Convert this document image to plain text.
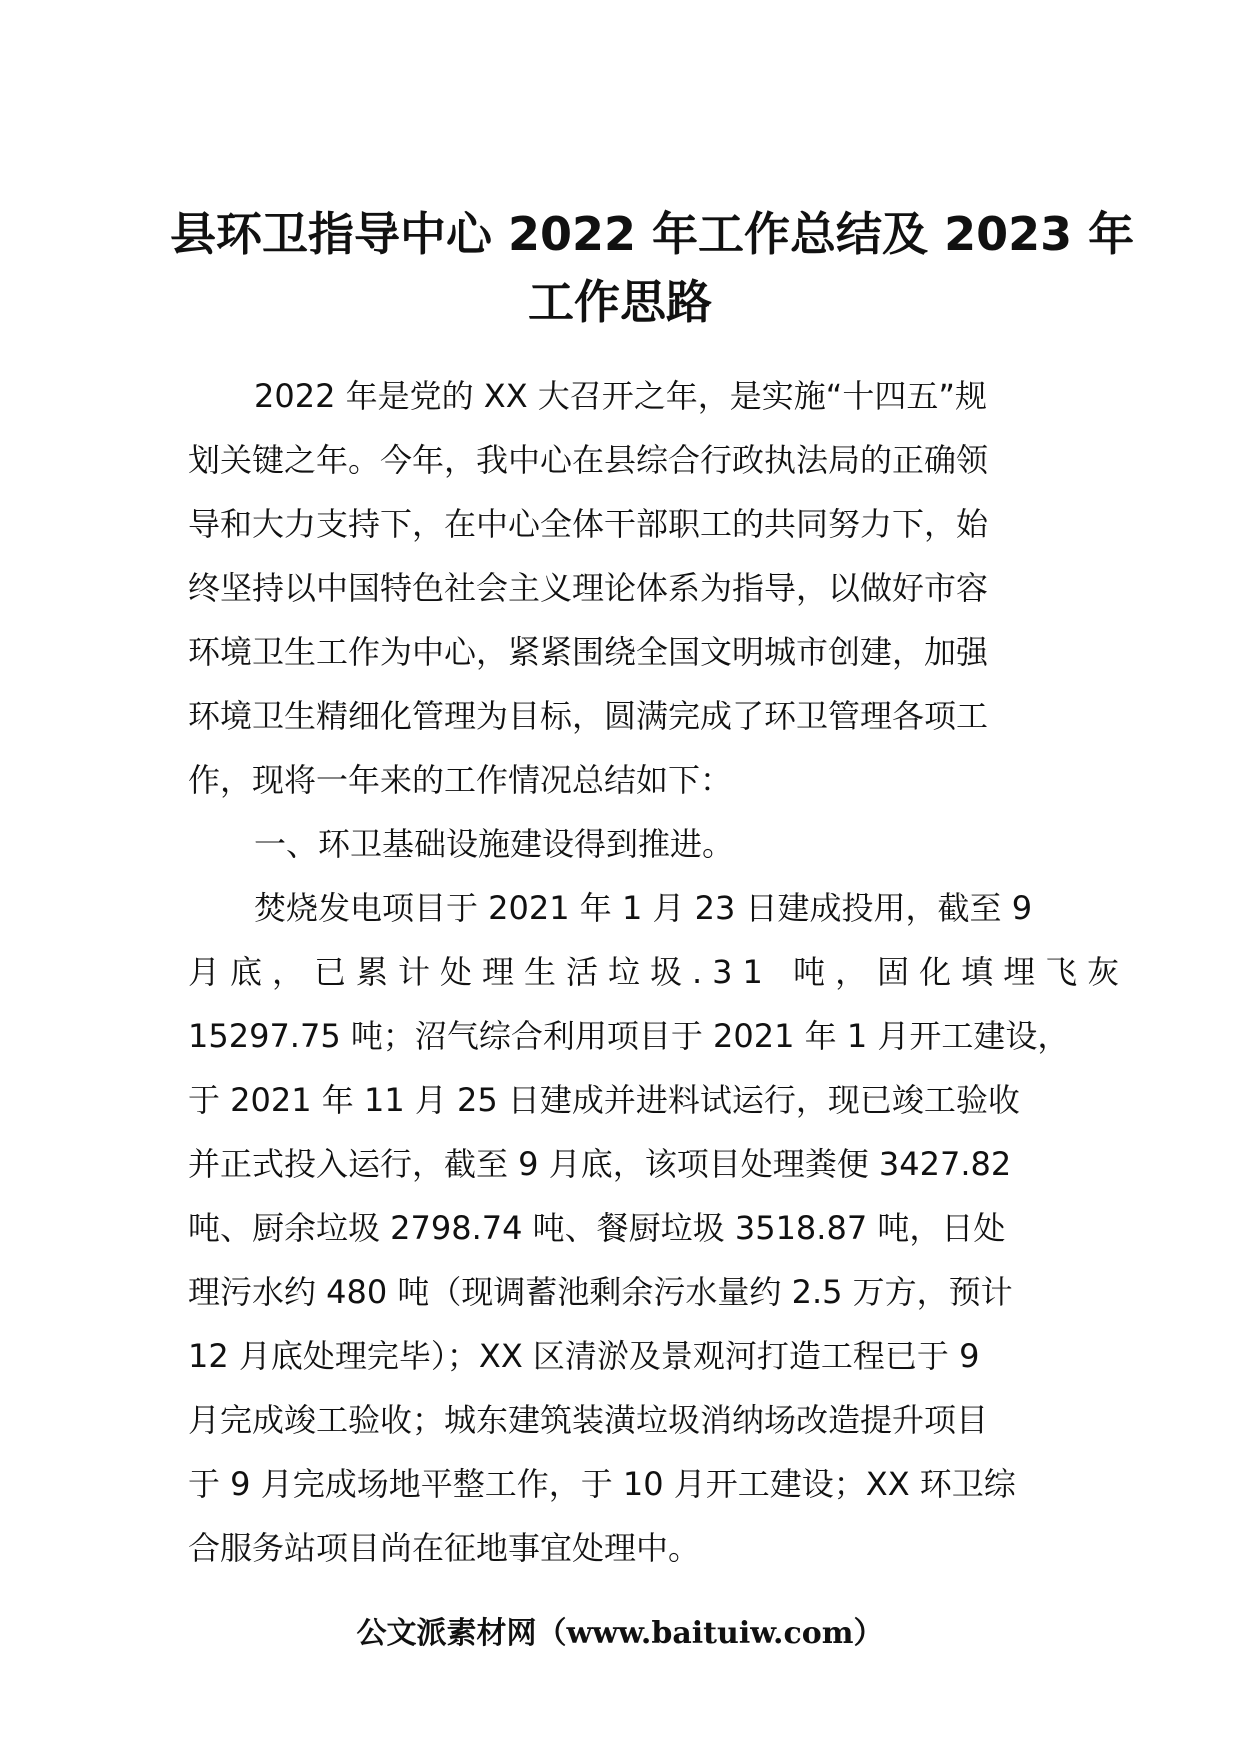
县环卫指导中心 2022 年工作总结及 2023 年
工作思路
2022 年是党的 XX 大召开之年，是实施“十四五”规
划关键之年。今年，我中心在县综合行政执法局的正确领
导和大力支持下，在中心全体干部职工的共同努力下，始
终坚持以中国特色社会主义理论体系为指导，以做好市容
环境卫生工作为中心，紧紧围绕全国文明城市创建，加强
环境卫生精细化管理为目标，圆满完成了环卫管理各项工
作，现将一年来的工作情况总结如下：
一、环卫基础设施建设得到推进。
焚烧发电项目于 2021 年 1 月 23 日建成投用，截至 9
月底，已累计处理生活垃圾.31 吨，固化填埋飞灰
15297.75 吨；沼气综合利用项目于 2021 年 1 月开工建设，
于 2021 年 11 月 25 日建成并进料试运行，现已竣工验收
并正式投入运行，截至 9 月底，该项目处理粪便 3427.82
吨、厨余垃圾 2798.74 吨、餐厨垃圾 3518.87 吨，日处
理污水约 480 吨（现调蓄池剩余污水量约 2.5 万方，预计
12 月底处理完毕）；XX 区清淤及景观河打造工程已于 9
月完成竣工验收；城东建筑装潢垃圾消纳场改造提升项目
于 9 月完成场地平整工作，于 10 月开工建设；XX 环卫综
合服务站项目尚在征地事宜处理中。
公文派素材网（www.baituiw.com）
